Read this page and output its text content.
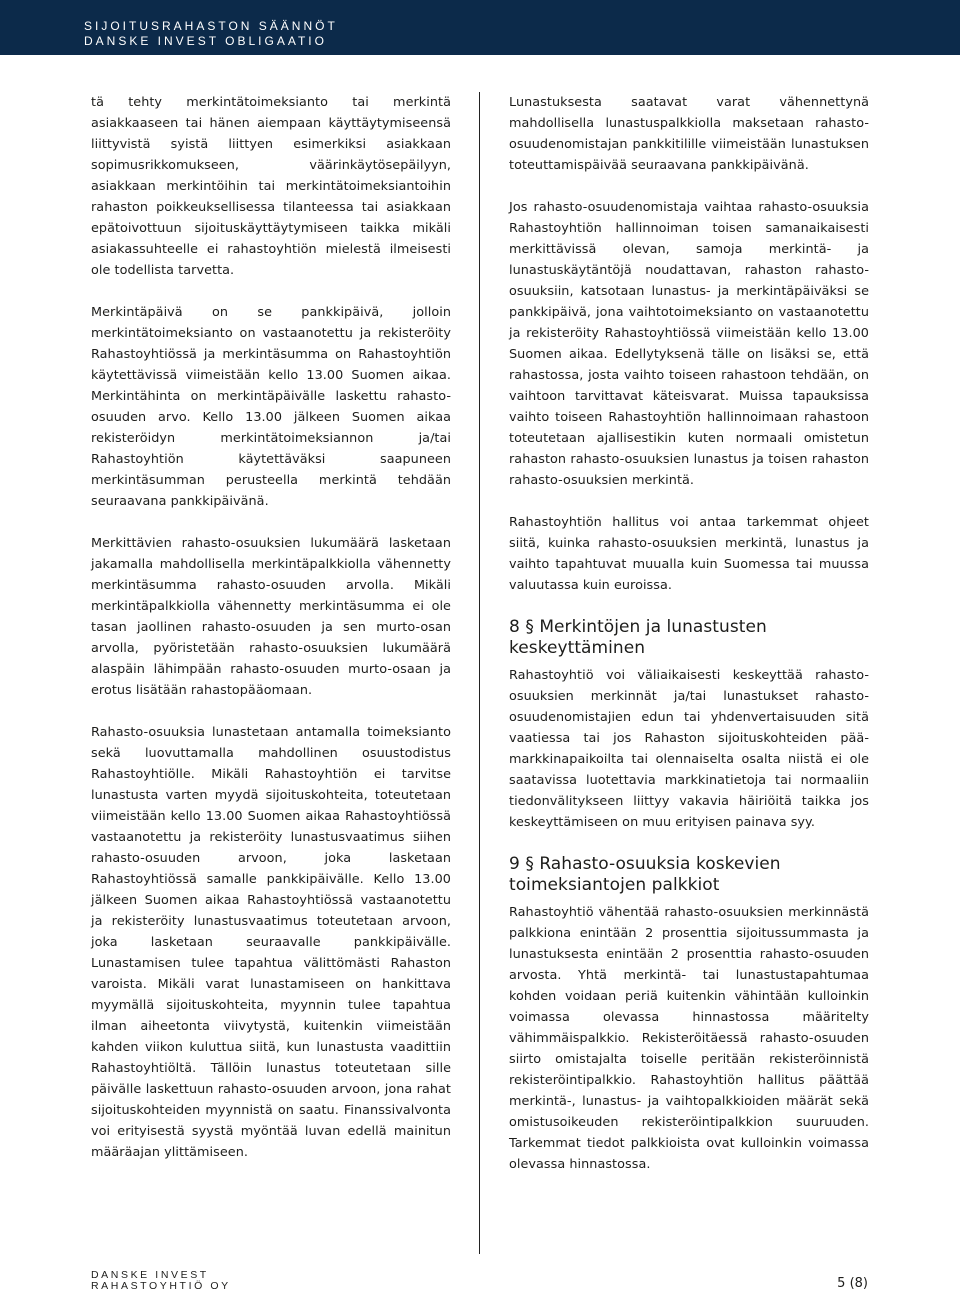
SIJOITUSRAHASTON SÄÄNNÖT
DANSKE INVEST OBLIGAATIO

tä tehty merkintätoimeksianto tai merkintä asiakkaaseen tai hänen aiempaan käyttäytymiseensä liittyvistä syistä liittyen esimerkiksi asiakkaan sopimusrikkomukseen, väärinkäytösepäilyyn, asiakkaan merkintöihin tai merkintätoimeksiantoihin rahaston poikkeuksellisessa tilanteessa tai asiakkaan epätoivottuun sijoituskäyttäytymiseen taikka mikäli asiakassuhteelle ei rahastoyhtiön mielestä ilmeisesti ole todellista tarvetta.

Merkintäpäivä on se pankkipäivä, jolloin merkintätoimeksianto on vastaanotettu ja rekisteröity Rahastoyhtiössä ja merkintäsumma on Rahastoyhtiön käytettävissä viimeistään kello 13.00 Suomen aikaa. Merkintähinta on merkintäpäivälle laskettu rahasto-osuuden arvo. Kello 13.00 jälkeen Suomen aikaa rekisteröidyn merkintätoimeksiannon ja/tai Rahastoyhtiön käytettäväksi saapuneen merkintäsumman perusteella merkintä tehdään seuraavana pankkipäivänä.

Merkittävien rahasto-osuuksien lukumäärä lasketaan jakamalla mahdollisella merkintäpalkkiolla vähennetty merkintäsumma rahasto-osuuden arvolla. Mikäli merkintäpalkkiolla vähennetty merkintäsumma ei ole tasan jaollinen rahasto-osuuden ja sen murto-osan arvolla, pyöristetään rahasto-osuuksien lukumäärä alaspäin lähimpään rahasto-osuuden murto-osaan ja erotus lisätään rahastopääomaan.

Rahasto-osuuksia lunastetaan antamalla toimeksianto sekä luovuttamalla mahdollinen osuustodistus Rahastoyhtiölle. Mikäli Rahastoyhtiön ei tarvitse lunastusta varten myydä sijoituskohteita, toteutetaan viimeistään kello 13.00 Suomen aikaa Rahastoyhtiössä vastaanotettu ja rekisteröity lunastusvaatimus siihen rahasto-osuuden arvoon, joka lasketaan Rahastoyhtiössä samalle pankkipäivälle. Kello 13.00 jälkeen Suomen aikaa Rahastoyhtiössä vastaanotettu ja rekisteröity lunastusvaatimus toteutetaan arvoon, joka lasketaan seuraavalle pankkipäivälle. Lunastamisen tulee tapahtua välittömästi Rahaston varoista. Mikäli varat lunastamiseen on hankittava myymällä sijoituskohteita, myynnin tulee tapahtua ilman aiheetonta viivytystä, kuitenkin viimeistään kahden viikon kuluttua siitä, kun lunastusta vaadittiin Rahastoyhtiöltä. Tällöin lunastus toteutetaan sille päivälle laskettuun rahasto-osuuden arvoon, jona rahat sijoituskohteiden myynnistä on saatu. Finanssivalvonta voi erityisestä syystä myöntää luvan edellä mainitun määräajan ylittämiseen.

Lunastuksesta saatavat varat vähennettynä mahdollisella lunastuspalkkiolla maksetaan rahasto-osuudenomistajan pankkitilille viimeistään lunastuksen toteuttamispäivää seuraavana pankkipäivänä.

Jos rahasto-osuudenomistaja vaihtaa rahasto-osuuksia Rahastoyhtiön hallinnoiman toisen samanaikaisesti merkittävissä olevan, samoja merkintä- ja lunastuskäytäntöjä noudattavan, rahaston rahasto-osuuksiin, katsotaan lunastus- ja merkintäpäiväksi se pankkipäivä, jona vaihtotoimeksianto on vastaanotettu ja rekisteröity Rahastoyhtiössä viimeistään kello 13.00 Suomen aikaa. Edellytyksenä tälle on lisäksi se, että rahastossa, josta vaihto toiseen rahastoon tehdään, on vaihtoon tarvittavat käteisvarat. Muissa tapauksissa vaihto toiseen Rahastoyhtiön hallinnoimaan rahastoon toteutetaan ajallisestikin kuten normaali omistetun rahaston rahasto-osuuksien lunastus ja toisen rahaston rahasto-osuuksien merkintä.

Rahastoyhtiön hallitus voi antaa tarkemmat ohjeet siitä, kuinka rahasto-osuuksien merkintä, lunastus ja vaihto tapahtuvat muualla kuin Suomessa tai muussa valuutassa kuin euroissa.

8 § Merkintöjen ja lunastusten keskeyttäminen

Rahastoyhtiö voi väliaikaisesti keskeyttää rahasto-osuuksien merkinnät ja/tai lunastukset rahasto-osuudenomistajien edun tai yhdenvertaisuuden sitä vaatiessa tai jos Rahaston sijoituskohteiden pää-markkinapaikoilta tai olennaiselta osalta niistä ei ole saatavissa luotettavia markkinatietoja tai normaaliin tiedonvälitykseen liittyy vakavia häiriöitä taikka jos keskeyttämiseen on muu erityisen painava syy.

9 § Rahasto-osuuksia koskevien toimeksiantojen palkkiot

Rahastoyhtiö vähentää rahasto-osuuksien merkinnästä palkkiona enintään 2 prosenttia sijoitussummasta ja lunastuksesta enintään 2 prosenttia rahasto-osuuden arvosta. Yhtä merkintä- tai lunastustapahtumaa kohden voidaan periä kuitenkin vähintään kulloinkin voimassa olevassa hinnastossa määritelty vähimmäispalkkio. Rekisteröitäessä rahasto-osuuden siirto omistajalta toiselle peritään rekisteröinnistä rekisteröintipalkkio. Rahastoyhtiön hallitus päättää merkintä-, lunastus- ja vaihtopalkkioiden määrät sekä omistusoikeuden rekisteröintipalkkion suuruuden. Tarkemmat tiedot palkkioista ovat kulloinkin voimassa olevassa hinnastossa.

DANSKE INVEST
RAHASTOYHTIÖ OY	5 (8)
